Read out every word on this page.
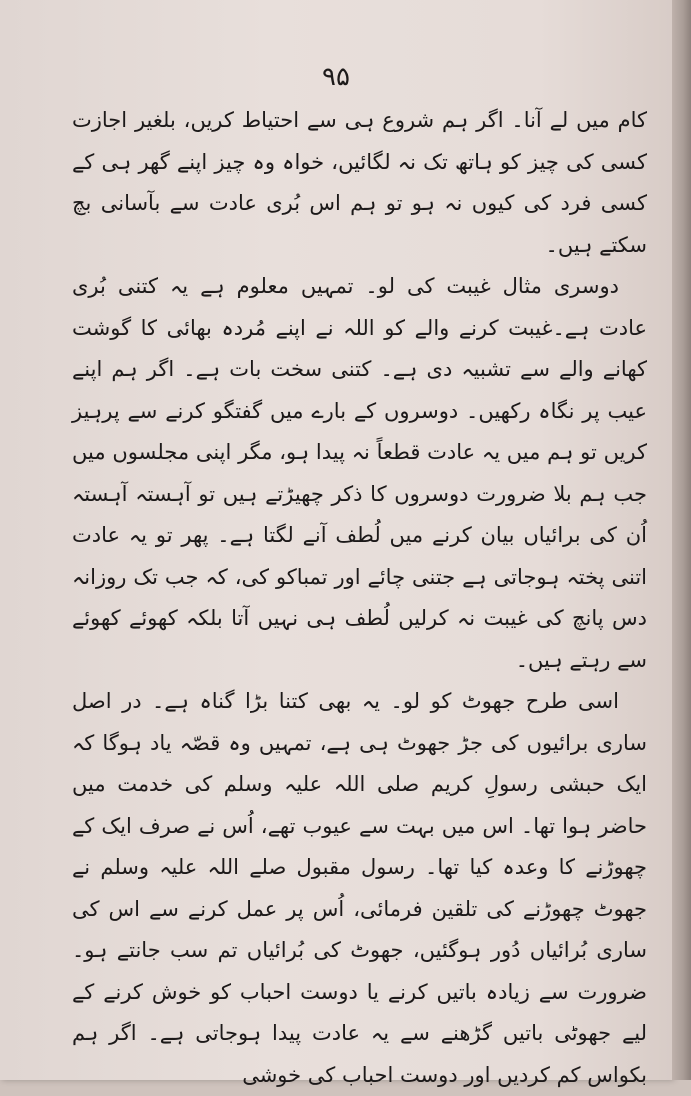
۹۵

کام میں لے آنا۔ اگر ہم شروع ہی سے احتیاط کریں، بلغیر اجازت کسی کی چیز کو ہاتھ تک نہ لگائیں، خواہ وہ چیز اپنے گھر ہی کے کسی فرد کی کیوں نہ ہو تو ہم اس بُری عادت سے بآسانی بچ سکتے ہیں۔

دوسری مثال غیبت کی لو۔ تمہیں معلوم ہے یہ کتنی بُری عادت ہے۔غیبت کرنے والے کو اللہ نے اپنے مُردہ بھائی کا گوشت کھانے والے سے تشبیہ دی ہے۔ کتنی سخت بات ہے۔ اگر ہم اپنے عیب پر نگاہ رکھیں۔ دوسروں کے بارے میں گفتگو کرنے سے پرہیز کریں تو ہم میں یہ عادت قطعاً نہ پیدا ہو، مگر اپنی مجلسوں میں جب ہم بلا ضرورت دوسروں کا ذکر چھیڑتے ہیں تو آہستہ آہستہ اُن کی برائیاں بیان کرنے میں لُطف آنے لگتا ہے۔ پھر تو یہ عادت اتنی پختہ ہوجاتی ہے جتنی چائے اور تمباکو کی، کہ جب تک روزانہ دس پانچ کی غیبت نہ کرلیں لُطف ہی نہیں آتا بلکہ کھوئے کھوئے سے رہتے ہیں۔

اسی طرح جھوٹ کو لو۔ یہ بھی کتنا بڑا گناہ ہے۔ در اصل ساری برائیوں کی جڑ جھوٹ ہی ہے، تمہیں وہ قصّہ یاد ہوگا کہ ایک حبشی رسولِ کریم صلی اللہ علیہ وسلم کی خدمت میں حاضر ہوا تھا۔ اس میں بہت سے عیوب تھے، اُس نے صرف ایک کے چھوڑنے کا وعدہ کیا تھا۔ رسول مقبول صلے اللہ علیہ وسلم نے جھوٹ چھوڑنے کی تلقین فرمائی، اُس پر عمل کرنے سے اس کی ساری بُرائیاں دُور ہوگئیں، جھوٹ کی بُرائیاں تم سب جانتے ہو۔ ضرورت سے زیادہ باتیں کرنے یا دوست احباب کو خوش کرنے کے لیے جھوٹی باتیں گڑھنے سے یہ عادت پیدا ہوجاتی ہے۔ اگر ہم بکواس کم کردیں اور دوست احباب کی خوشی
